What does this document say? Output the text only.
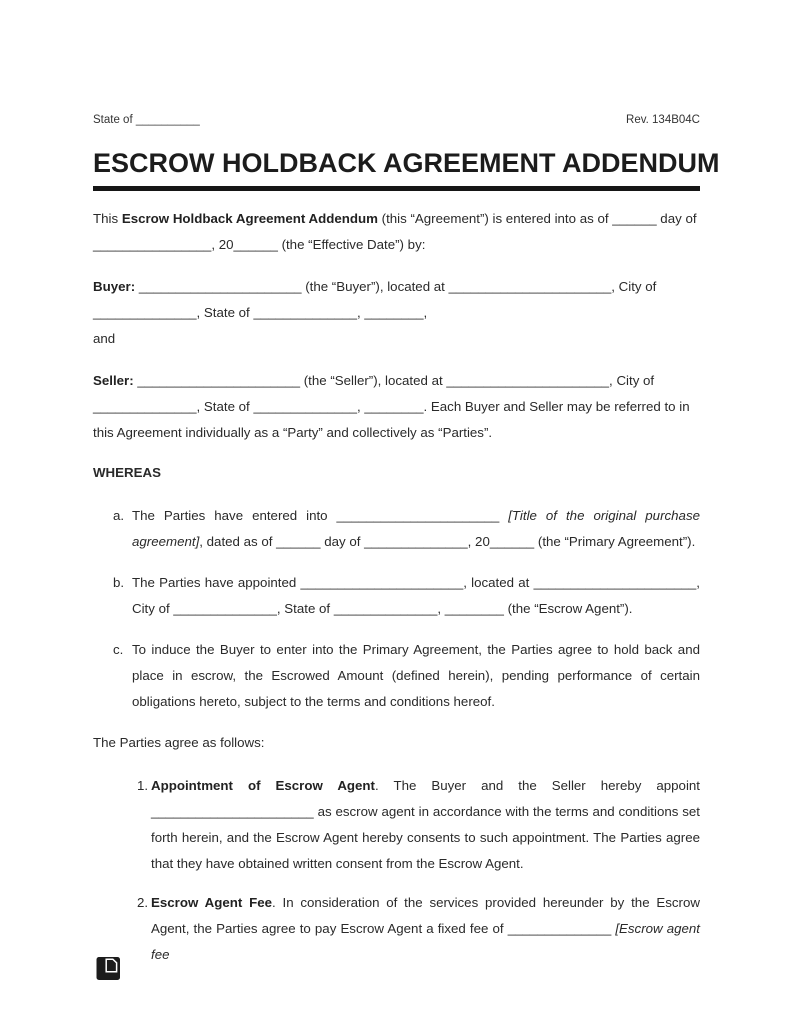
State of __________	Rev. 134B04C
ESCROW HOLDBACK AGREEMENT ADDENDUM

This Escrow Holdback Agreement Addendum (this “Agreement”) is entered into as of ______ day of ________________, 20______ (the “Effective Date”) by:

Buyer: ______________________ (the “Buyer”), located at ______________________, City of ______________, State of ______________, ________,

and

Seller: ______________________ (the “Seller”), located at ______________________, City of ______________, State of ______________, ________. Each Buyer and Seller may be referred to in this Agreement individually as a “Party” and collectively as “Parties”.

WHEREAS

a. The Parties have entered into ______________________ [Title of the original purchase agreement], dated as of ______ day of ______________, 20______ (the “Primary Agreement”).
b. The Parties have appointed ______________________, located at ______________________, City of ______________, State of ______________, ________ (the “Escrow Agent”).
c. To induce the Buyer to enter into the Primary Agreement, the Parties agree to hold back and place in escrow, the Escrowed Amount (defined herein), pending performance of certain obligations hereto, subject to the terms and conditions hereof.

The Parties agree as follows:

1. Appointment of Escrow Agent. The Buyer and the Seller hereby appoint ______________________ as escrow agent in accordance with the terms and conditions set forth herein, and the Escrow Agent hereby consents to such appointment. The Parties agree that they have obtained written consent from the Escrow Agent.
2. Escrow Agent Fee. In consideration of the services provided hereunder by the Escrow Agent, the Parties agree to pay Escrow Agent a fixed fee of ______________ [Escrow agent fee
